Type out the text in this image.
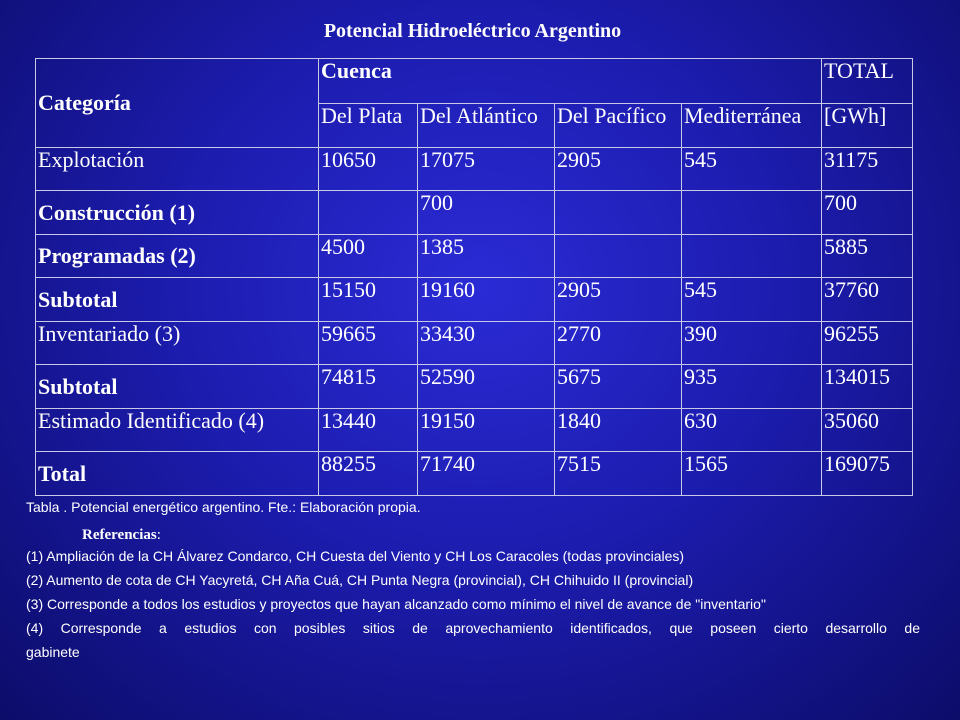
Potencial Hidroeléctrico Argentino
Categoría	Cuenca				TOTAL
	Del Plata	Del Atlántico	Del Pacífico	Mediterránea	[GWh]
Explotación	10650	17075	2905	545	31175
Construcción (1)		700			700
Programadas (2)	4500	1385			5885
Subtotal	15150	19160	2905	545	37760
Inventariado (3)	59665	33430	2770	390	96255
Subtotal	74815	52590	5675	935	134015
Estimado Identificado (4)	13440	19150	1840	630	35060
Total	88255	71740	7515	1565	169075

Tabla . Potencial energético argentino. Fte.: Elaboración propia.

Referencias:

(1) Ampliación de la CH Álvarez Condarco, CH Cuesta del Viento y CH Los Caracoles (todas provinciales)

(2) Aumento de cota de CH Yacyretá, CH Aña Cuá, CH Punta Negra (provincial), CH Chihuido II (provincial)

(3) Corresponde a todos los estudios y proyectos que hayan alcanzado como mínimo el nivel de avance de "inventario"

(4) Corresponde a estudios con posibles sitios de aprovechamiento identificados, que poseen cierto desarrollo de

gabinete
